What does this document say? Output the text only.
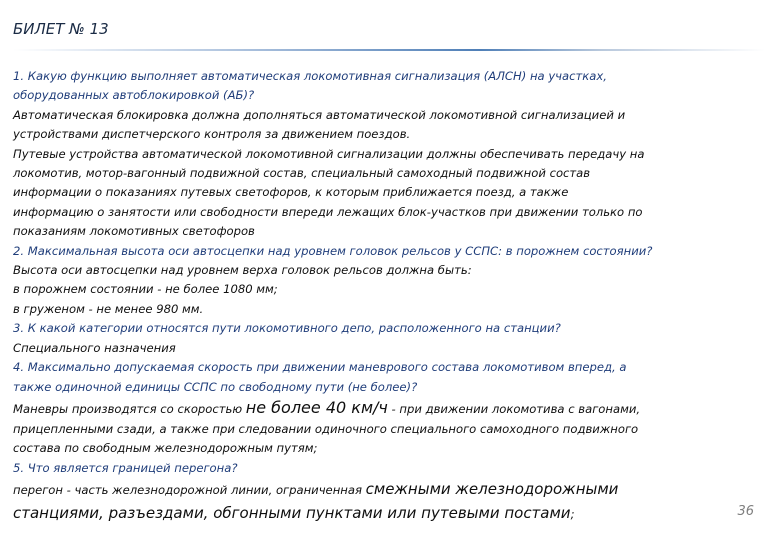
БИЛЕТ № 13

1. Какую функцию выполняет автоматическая локомотивная сигнализация (АЛСН) на участках,

оборудованных автоблокировкой (АБ)?

Автоматическая блокировка должна дополняться автоматической локомотивной сигнализацией и

устройствами диспетчерского контроля за движением поездов.

Путевые устройства автоматической локомотивной сигнализации должны обеспечивать передачу на

локомотив, мотор-вагонный подвижной состав, специальный самоходный подвижной состав

информации о показаниях путевых светофоров, к которым приближается поезд, а также

информацию о занятости или свободности впереди лежащих блок-участков при движении только по

показаниям локомотивных светофоров

2. Максимальная высота оси автосцепки над уровнем головок рельсов у ССПС: в порожнем состоянии?

Высота оси автосцепки над уровнем верха головок рельсов должна быть:

в порожнем состоянии - не более 1080 мм;

в груженом - не менее 980 мм.

3. К какой категории относятся пути локомотивного депо, расположенного на станции?

Специального назначения

4. Максимально допускаемая скорость при движении маневрового состава локомотивом вперед, а

также одиночной единицы ССПС по свободному пути (не более)?

Маневры производятся со скоростью не более 40 км/ч - при движении локомотива с вагонами,

прицепленными сзади, а также при следовании одиночного специального самоходного подвижного

состава по свободным железнодорожным путям;

5. Что является границей перегона?

перегон - часть железнодорожной линии, ограниченная смежными железнодорожными

станциями, разъездами, обгонными пунктами или путевыми постами;	36
